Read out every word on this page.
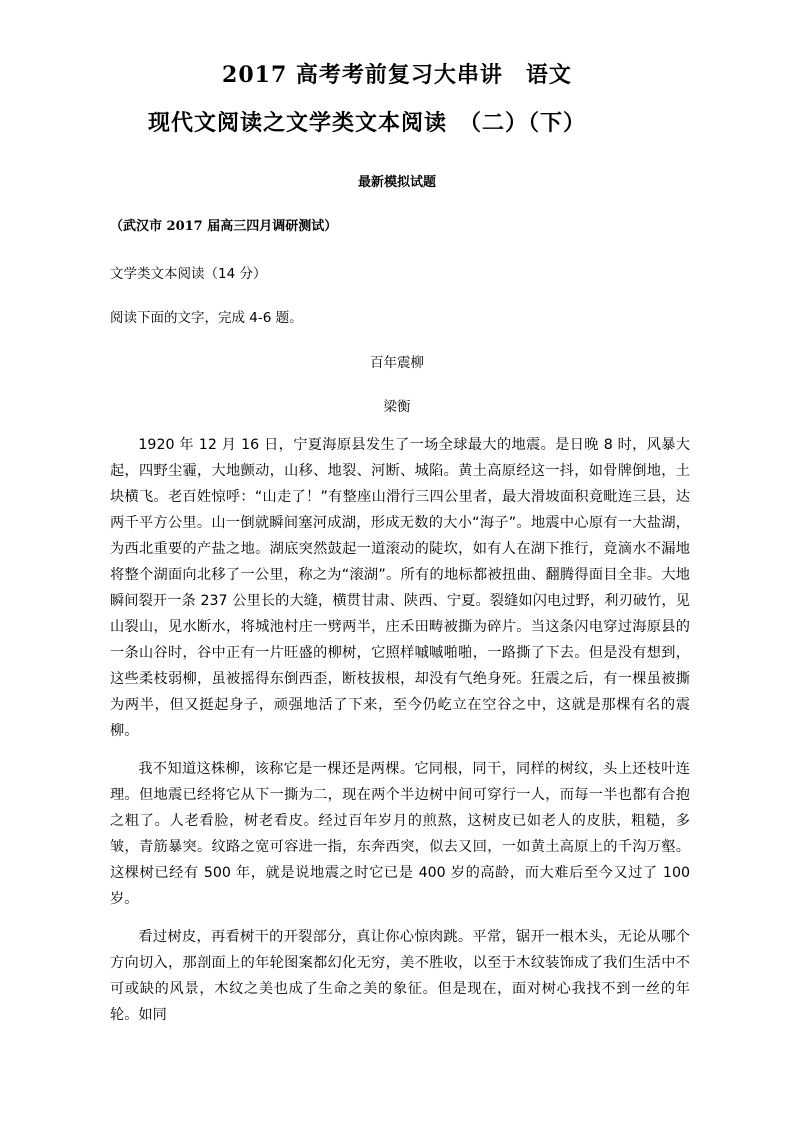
2017 高考考前复习大串讲　语文
现代文阅读之文学类文本阅读　（二）（下）
最新模拟试题
（武汉市 2017 届高三四月调研测试）
文学类文本阅读（14 分）
阅读下面的文字，完成 4-6 题。
百年震柳
梁衡

1920 年 12 月 16 日，宁夏海原县发生了一场全球最大的地震。是日晚 8 时，风暴大起，四野尘霾，大地颤动，山移、地裂、河断、城陷。黄土高原经这一抖，如骨牌倒地，土块横飞。老百姓惊呼：“山走了！”有整座山滑行三四公里者，最大滑坡面积竟毗连三县，达两千平方公里。山一倒就瞬间塞河成湖，形成无数的大小“海子”。地震中心原有一大盐湖，为西北重要的产盐之地。湖底突然鼓起一道滚动的陡坎，如有人在湖下推行，竟滴水不漏地将整个湖面向北移了一公里，称之为“滚湖”。所有的地标都被扭曲、翻腾得面目全非。大地瞬间裂开一条 237 公里长的大缝，横贯甘肃、陕西、宁夏。裂缝如闪电过野，利刃破竹，见山裂山，见水断水，将城池村庄一劈两半，庄禾田畴被撕为碎片。当这条闪电穿过海原县的一条山谷时，谷中正有一片旺盛的柳树，它照样嘁嘁啪啪，一路撕了下去。但是没有想到，这些柔枝弱柳，虽被摇得东倒西歪，断枝拔根，却没有气绝身死。狂震之后，有一棵虽被撕为两半，但又挺起身子，顽强地活了下来，至今仍屹立在空谷之中，这就是那棵有名的震柳。

我不知道这株柳，该称它是一棵还是两棵。它同根，同干，同样的树纹，头上还枝叶连理。但地震已经将它从下一撕为二，现在两个半边树中间可穿行一人，而每一半也都有合抱之粗了。人老看脸，树老看皮。经过百年岁月的煎熬，这树皮已如老人的皮肤，粗糙，多皱，青筋暴突。纹路之宽可容进一指，东奔西突，似去又回，一如黄土高原上的千沟万壑。这棵树已经有 500 年，就是说地震之时它已是 400 岁的高龄，而大难后至今又过了 100 岁。

看过树皮，再看树干的开裂部分，真让你心惊肉跳。平常，锯开一根木头，无论从哪个方向切入，那剖面上的年轮图案都幻化无穷，美不胜收，以至于木纹装饰成了我们生活中不可或缺的风景，木纹之美也成了生命之美的象征。但是现在，面对树心我找不到一丝的年轮。如同
